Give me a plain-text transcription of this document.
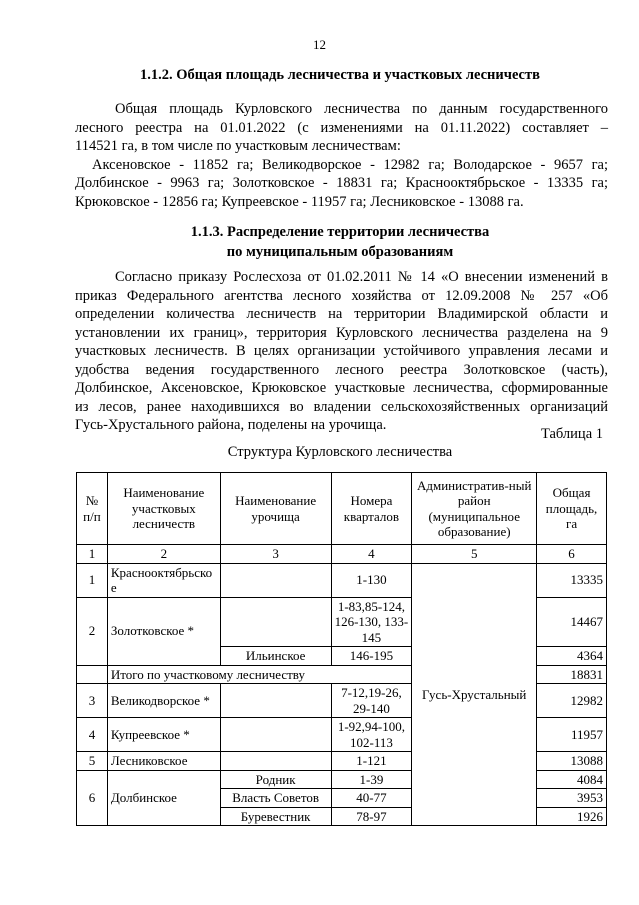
12
1.1.2. Общая площадь лесничества и участковых лесничеств
Общая площадь Курловского лесничества по данным государственного
лесного реестра на 01.01.2022 (с изменениями на 01.11.2022) составляет –
114521 га, в том числе по участковым лесничествам:
Аксеновское - 11852 га; Великодворское - 12982 га; Володарское - 9657 га;
Долбинское - 9963 га; Золотковское - 18831 га; Краснооктябрьское - 13335 га;
Крюковское - 12856 га; Купреевское - 11957 га; Лесниковское - 13088 га.
1.1.3. Распределение территории лесничества
по муниципальным образованиям
Согласно приказу Рослесхоза от 01.02.2011 № 14 «О внесении изменений в
приказ Федерального агентства лесного хозяйства от 12.09.2008 № 257 «Об
определении количества лесничеств на территории Владимирской области и
установлении их границ», территория Курловского лесничества разделена на 9
участковых лесничеств. В целях организации устойчивого управления лесами и
удобства ведения государственного лесного реестра Золотковское (часть),
Долбинское, Аксеновское, Крюковское участковые лесничества, сформированные
из лесов, ранее находившихся во владении сельскохозяйственных организаций
Гусь-Хрустального района, поделены на урочища.
Таблица 1
Структура Курловского лесничества
№ п/п	Наименование участковых лесничеств	Наименование урочища	Номера кварталов	Административ-ный район (муниципальное образование)	Общая площадь, га
1	2	3	4	5	6
1	Краснооктябрьское		1-130	Гусь-Хрустальный	13335
2	Золотковское *		1-83,85-124, 126-130, 133-145		14467
		Ильинское	146-195		4364
	Итого по участковому лесничеству				18831
3	Великодворское *		7-12,19-26, 29-140		12982
4	Купреевское *		1-92,94-100, 102-113		11957
5	Лесниковское		1-121		13088
6	Долбинское	Родник	1-39		4084
		Власть Советов	40-77		3953
		Буревестник	78-97		1926
